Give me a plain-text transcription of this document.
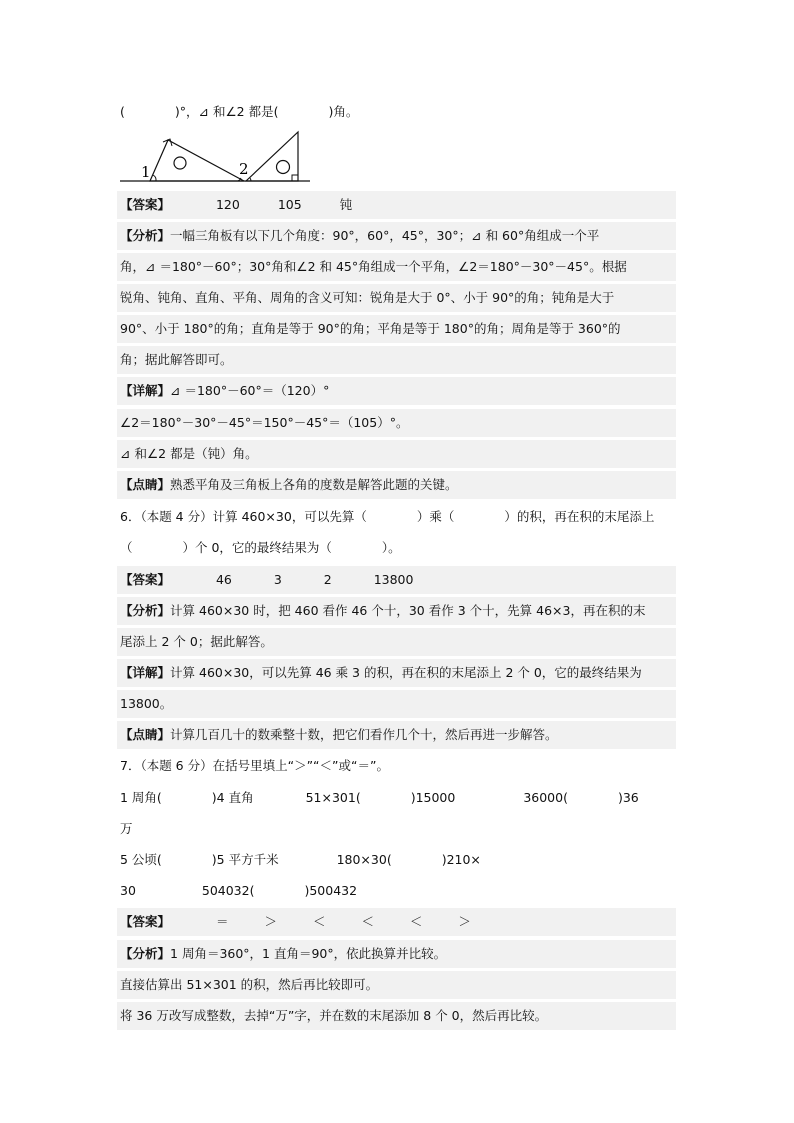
(　　　　)°，⊿ 和∠2 都是(　　　　)角。
1	2
【答案】	120	105	钝
【分析】一幅三角板有以下几个角度：90°，60°，45°，30°；⊿ 和 60°角组成一个平
角，⊿ ＝180°－60°；30°角和∠2 和 45°角组成一个平角，∠2＝180°－30°－45°。根据
锐角、钝角、直角、平角、周角的含义可知：锐角是大于 0°、小于 90°的角；钝角是大于
90°、小于 180°的角；直角是等于 90°的角；平角是等于 180°的角；周角是等于 360°的
角；据此解答即可。
【详解】⊿ ＝180°－60°＝（120）°
∠2＝180°－30°－45°＝150°－45°＝（105）°。
⊿ 和∠2 都是（钝）角。
【点睛】熟悉平角及三角板上各角的度数是解答此题的关键。
6．（本题 4 分）计算 460×30，可以先算（　　　　）乘（　　　　）的积，再在积的末尾添上
（　　　　）个 0，它的最终结果为（　　　　）。
【答案】	46	3	2	13800
【分析】计算 460×30 时，把 460 看作 46 个十，30 看作 3 个十，先算 46×3，再在积的末
尾添上 2 个 0；据此解答。
【详解】计算 460×30，可以先算 46 乘 3 的积，再在积的末尾添上 2 个 0，它的最终结果为
13800。
【点睛】计算几百几十的数乘整十数，把它们看作几个十，然后再进一步解答。
7．（本题 6 分）在括号里填上“＞”“＜”或“＝”。
1 周角(　　　　)4 直角	51×301(　　　　)15000	36000(　　　　)36
万
5 公顷(　　　　)5 平方千米	180×30(　　　　)210×
30	504032(　　　　)500432
【答案】	＝	＞	＜	＜	＜	＞
【分析】1 周角＝360°，1 直角＝90°，依此换算并比较。
直接估算出 51×301 的积，然后再比较即可。
将 36 万改写成整数，去掉“万”字，并在数的末尾添加 8 个 0，然后再比较。
